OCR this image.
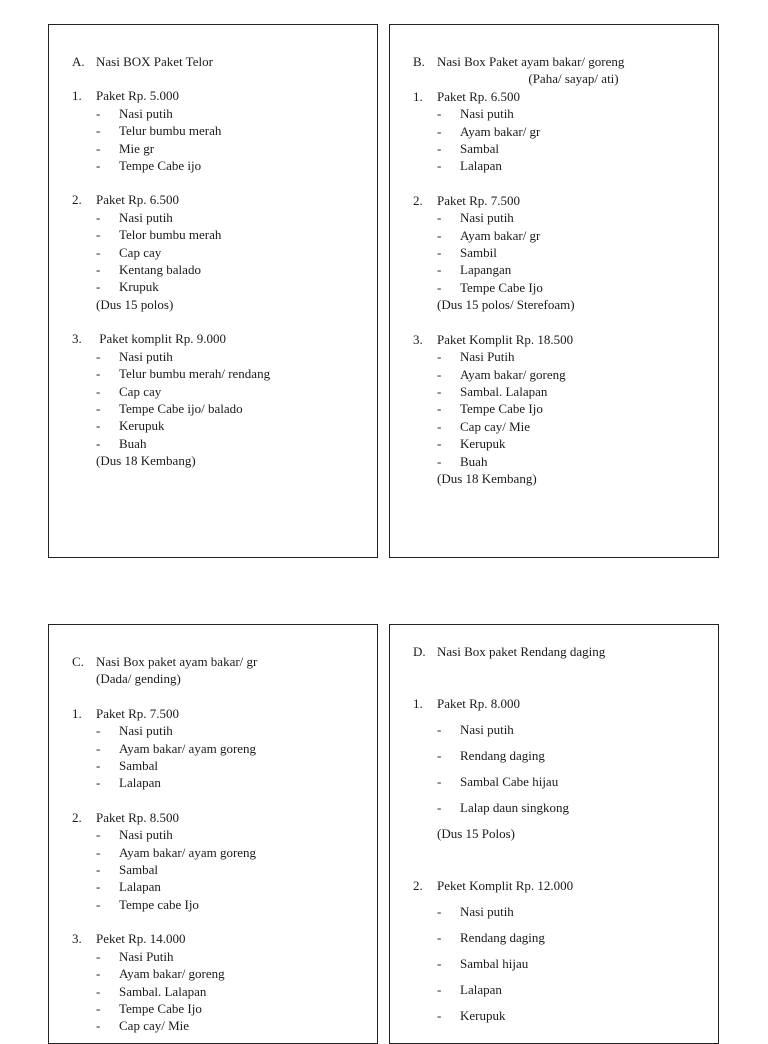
A. Nasi BOX Paket Telor
1.	Paket Rp. 5.000
-	Nasi putih
-	Telur bumbu merah
-	Mie gr
-	Tempe Cabe ijo
2.	Paket Rp. 6.500
-	Nasi putih
-	Telor bumbu merah
-	Cap cay
-	Kentang balado
-	Krupuk
(Dus 15 polos)
3.	Paket komplit Rp. 9.000
-	Nasi putih
-	Telur bumbu merah/ rendang
-	Cap cay
-	Tempe Cabe ijo/ balado
-	Kerupuk
-	Buah
(Dus 18 Kembang)
B. Nasi Box Paket ayam bakar/ goreng
(Paha/ sayap/ ati)
1.	Paket Rp. 6.500
-	Nasi putih
-	Ayam bakar/ gr
-	Sambal
-	Lalapan
2.	Paket Rp. 7.500
-	Nasi putih
-	Ayam bakar/ gr
-	Sambil
-	Lapangan
-	Tempe Cabe Ijo
(Dus 15 polos/ Sterefoam)
3.	Paket Komplit Rp. 18.500
-	Nasi Putih
-	Ayam bakar/ goreng
-	Sambal. Lalapan
-	Tempe Cabe Ijo
-	Cap cay/ Mie
-	Kerupuk
-	Buah
(Dus 18 Kembang)
C. Nasi Box paket ayam bakar/ gr
(Dada/ gending)
1.	Paket Rp. 7.500
-	Nasi putih
-	Ayam bakar/ ayam goreng
-	Sambal
-	Lalapan
2.	Paket Rp. 8.500
-	Nasi putih
-	Ayam bakar/ ayam goreng
-	Sambal
-	Lalapan
-	Tempe cabe Ijo
3.	Peket Rp. 14.000
-	Nasi Putih
-	Ayam bakar/ goreng
-	Sambal. Lalapan
-	Tempe Cabe Ijo
-	Cap cay/ Mie
D. Nasi Box paket Rendang daging
1.	Paket Rp. 8.000
-	Nasi putih
-	Rendang daging
-	Sambal Cabe hijau
-	Lalap daun singkong
(Dus 15 Polos)
2.	Peket Komplit Rp. 12.000
-	Nasi putih
-	Rendang daging
-	Sambal hijau
-	Lalapan
-	Kerupuk
